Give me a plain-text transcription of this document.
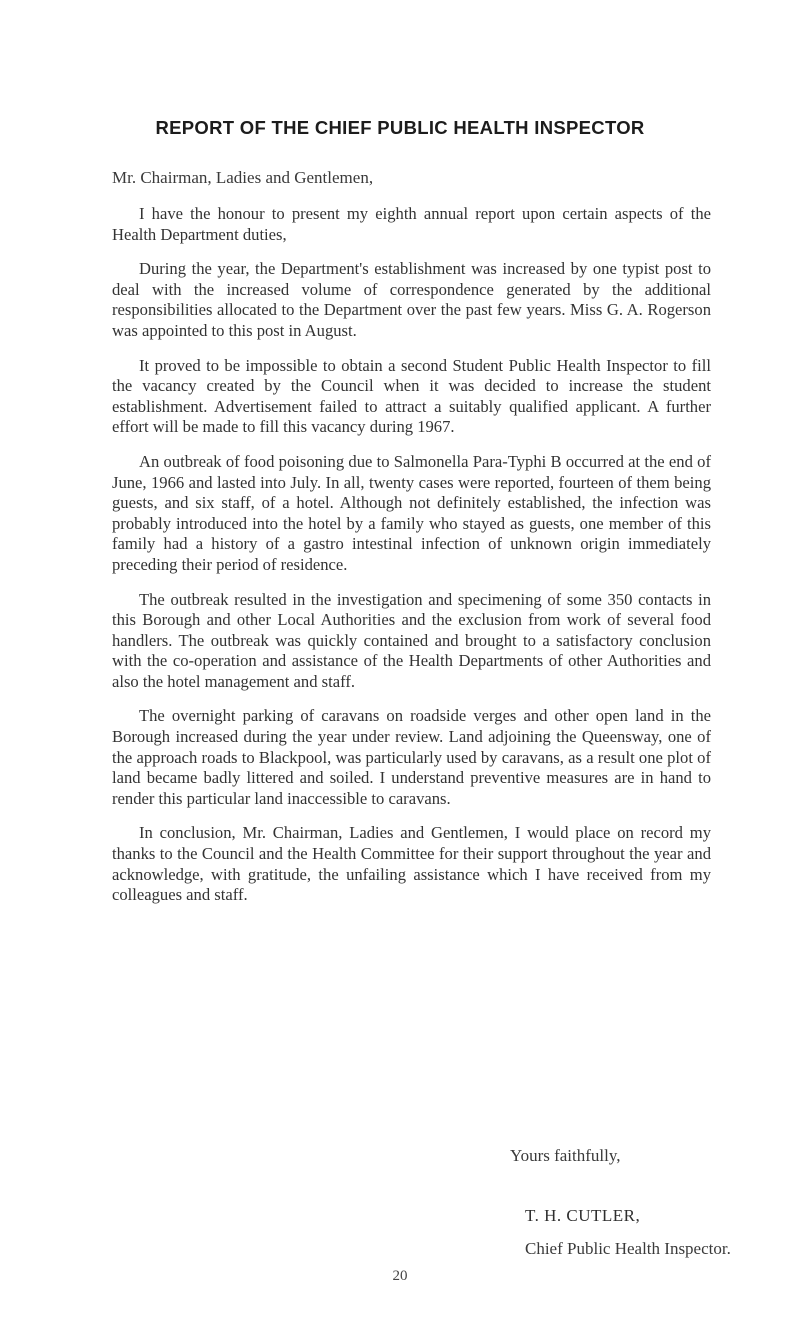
REPORT OF THE CHIEF PUBLIC HEALTH INSPECTOR
Mr. Chairman, Ladies and Gentlemen,

I have the honour to present my eighth annual report upon certain aspects of the Health Department duties,

During the year, the Department's establishment was increased by one typist post to deal with the increased volume of correspondence generated by the additional responsibilities allocated to the Department over the past few years. Miss G. A. Rogerson was appointed to this post in August.

It proved to be impossible to obtain a second Student Public Health Inspector to fill the vacancy created by the Council when it was decided to increase the student establishment. Advertisement failed to attract a suitably qualified applicant. A further effort will be made to fill this vacancy during 1967.

An outbreak of food poisoning due to Salmonella Para-Typhi B occurred at the end of June, 1966 and lasted into July. In all, twenty cases were reported, fourteen of them being guests, and six staff, of a hotel. Although not definitely established, the infection was probably introduced into the hotel by a family who stayed as guests, one member of this family had a history of a gastro intestinal infection of unknown origin immediately preceding their period of residence.

The outbreak resulted in the investigation and specimening of some 350 contacts in this Borough and other Local Authorities and the exclusion from work of several food handlers. The outbreak was quickly contained and brought to a satisfactory conclusion with the co-operation and assistance of the Health Departments of other Authorities and also the hotel management and staff.

The overnight parking of caravans on roadside verges and other open land in the Borough increased during the year under review. Land adjoining the Queensway, one of the approach roads to Blackpool, was particularly used by caravans, as a result one plot of land became badly littered and soiled. I understand preventive measures are in hand to render this particular land inaccessible to caravans.

In conclusion, Mr. Chairman, Ladies and Gentlemen, I would place on record my thanks to the Council and the Health Committee for their support throughout the year and acknowledge, with gratitude, the unfailing assistance which I have received from my colleagues and staff.

Yours faithfully,
T. H. CUTLER,
Chief Public Health Inspector.
20
